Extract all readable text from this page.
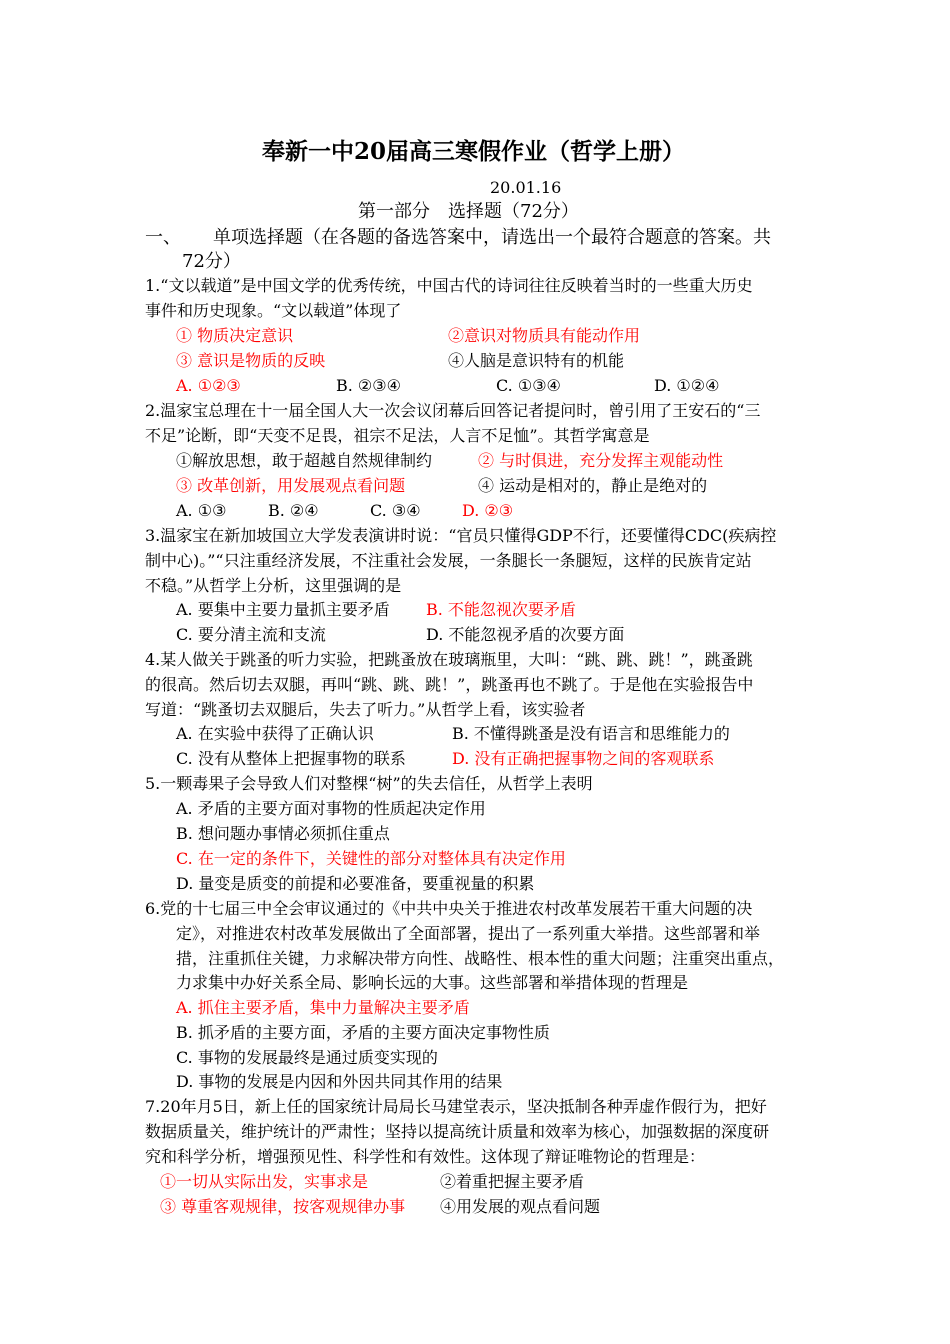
奉新一中20届高三寒假作业（哲学上册）
20.01.16
第一部分　选择题（72分）
一、 单项选择题（在各题的备选答案中，请选出一个最符合题意的答案。共
72分）
1.“文以载道”是中国文学的优秀传统，中国古代的诗词往往反映着当时的一些重大历史
事件和历史现象。“文以载道”体现了
① 物质决定意识	②意识对物质具有能动作用
③ 意识是物质的反映	④人脑是意识特有的机能
A. ①②③	B. ②③④	C. ①③④	D. ①②④
2.温家宝总理在十一届全国人大一次会议闭幕后回答记者提问时，曾引用了王安石的“三
不足”论断，即“天变不足畏，祖宗不足法，人言不足恤”。其哲学寓意是
①解放思想，敢于超越自然规律制约	② 与时俱进，充分发挥主观能动性
③ 改革创新，用发展观点看问题	④ 运动是相对的，静止是绝对的
A. ①③	B. ②④	C. ③④	D. ②③
3.温家宝在新加坡国立大学发表演讲时说：“官员只懂得GDP不行，还要懂得CDC(疾病控
制中心)。”“只注重经济发展，不注重社会发展，一条腿长一条腿短，这样的民族肯定站
不稳。”从哲学上分析，这里强调的是
A. 要集中主要力量抓主要矛盾 B. 不能忽视次要矛盾
C. 要分清主流和支流	D. 不能忽视矛盾的次要方面
4.某人做关于跳蚤的听力实验，把跳蚤放在玻璃瓶里，大叫：“跳、跳、跳！”，跳蚤跳
的很高。然后切去双腿，再叫“跳、跳、跳！”，跳蚤再也不跳了。于是他在实验报告中
写道：“跳蚤切去双腿后，失去了听力。”从哲学上看，该实验者
A. 在实验中获得了正确认识	B. 不懂得跳蚤是没有语言和思维能力的
C. 没有从整体上把握事物的联系	D. 没有正确把握事物之间的客观联系
5.一颗毒果子会导致人们对整棵“树”的失去信任，从哲学上表明
A. 矛盾的主要方面对事物的性质起决定作用
B. 想问题办事情必须抓住重点
C. 在一定的条件下，关键性的部分对整体具有决定作用
D. 量变是质变的前提和必要准备，要重视量的积累
6.党的十七届三中全会审议通过的《中共中央关于推进农村改革发展若干重大问题的决
定》，对推进农村改革发展做出了全面部署，提出了一系列重大举措。这些部署和举
措，注重抓住关键，力求解决带方向性、战略性、根本性的重大问题；注重突出重点，
力求集中办好关系全局、影响长远的大事。这些部署和举措体现的哲理是
A. 抓住主要矛盾，集中力量解决主要矛盾
B. 抓矛盾的主要方面，矛盾的主要方面决定事物性质
C. 事物的发展最终是通过质变实现的
D. 事物的发展是内因和外因共同其作用的结果
7.20年月5日，新上任的国家统计局局长马建堂表示，坚决抵制各种弄虚作假行为，把好
数据质量关，维护统计的严肃性；坚持以提高统计质量和效率为核心，加强数据的深度研
究和科学分析，增强预见性、科学性和有效性。这体现了辩证唯物论的哲理是：
①一切从实际出发，实事求是	②着重把握主要矛盾
③ 尊重客观规律，按客观规律办事 ④用发展的观点看问题
